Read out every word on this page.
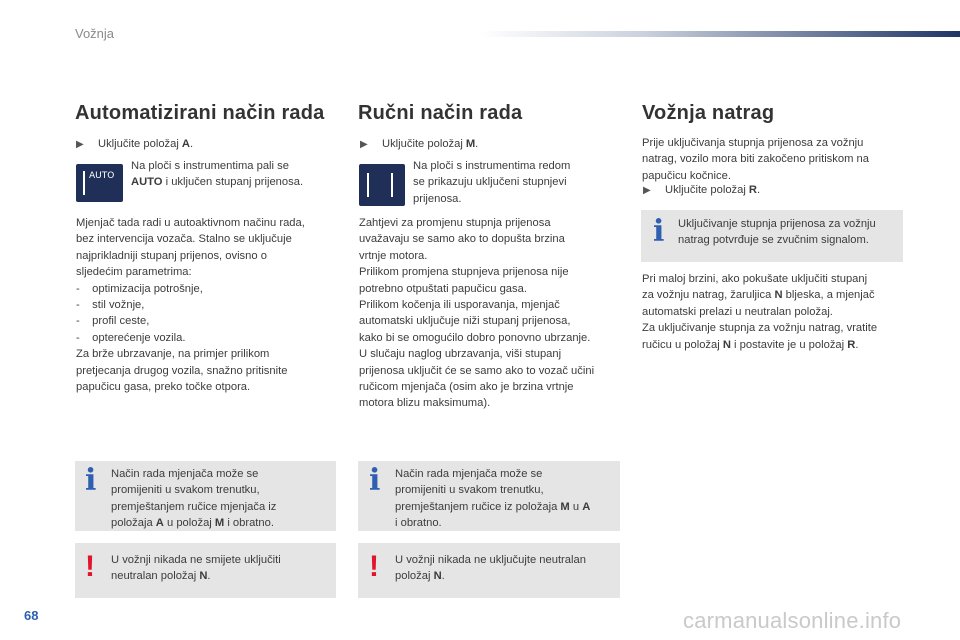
Vožnja
Automatizirani način rada
▶	Uključite položaj A .
AUTO
Na ploči s instrumentima pali se
AUTO i uključen stupanj prijenosa.
Mjenjač tada radi u autoaktivnom načinu rada,
bez intervencija vozača. Stalno se uključuje
najprikladniji stupanj prijenos, ovisno o
sljedećim parametrima:
-    optimizacija potrošnje,
-    stil vožnje,
-    profil ceste,
-    opterećenje vozila.
Za brže ubrzavanje, na primjer prilikom
pretjecanja drugog vozila, snažno pritisnite
papučicu gasa, preko točke otpora.
i Način rada mjenjača može se
promijeniti u svakom trenutku,
premještanjem ručice mjenjača iz
položaja A u položaj M i obratno.
! U vožnji nikada ne smijete uključiti
neutralan položaj N.
Ručni način rada
▶	Uključite položaj M .
Na ploči s instrumentima redom
se prikazuju uključeni stupnjevi
prijenosa.
Zahtjevi za promjenu stupnja prijenosa
uvažavaju se samo ako to dopušta brzina
vrtnje motora.
Prilikom promjena stupnjeva prijenosa nije
potrebno otpuštati papučicu gasa.
Prilikom kočenja ili usporavanja, mjenjač
automatski uključuje niži stupanj prijenosa,
kako bi se omogućilo dobro ponovno ubrzanje.
U slučaju naglog ubrzavanja, viši stupanj
prijenosa uključit će se samo ako to vozač učini
ručicom mjenjača (osim ako je brzina vrtnje
motora blizu maksimuma).
i Način rada mjenjača može se
promijeniti u svakom trenutku,
premještanjem ručice iz položaja M u A
i obratno.
! U vožnji nikada ne uključujte neutralan
položaj N.
Vožnja natrag
Prije uključivanja stupnja prijenosa za vožnju
natrag, vozilo mora biti zakočeno pritiskom na
papučicu kočnice.
▶	Uključite položaj R .
i Uključivanje stupnja prijenosa za vožnju
natrag potvrđuje se zvučnim signalom.
Pri maloj brzini, ako pokušate uključiti stupanj
za vožnju natrag, žaruljica N bljeska, a mjenjač
automatski prelazi u neutralan položaj.
Za uključivanje stupnja za vožnju natrag, vratite
ručicu u položaj N i postavite je u položaj R.
68	carmanualsonline.info
